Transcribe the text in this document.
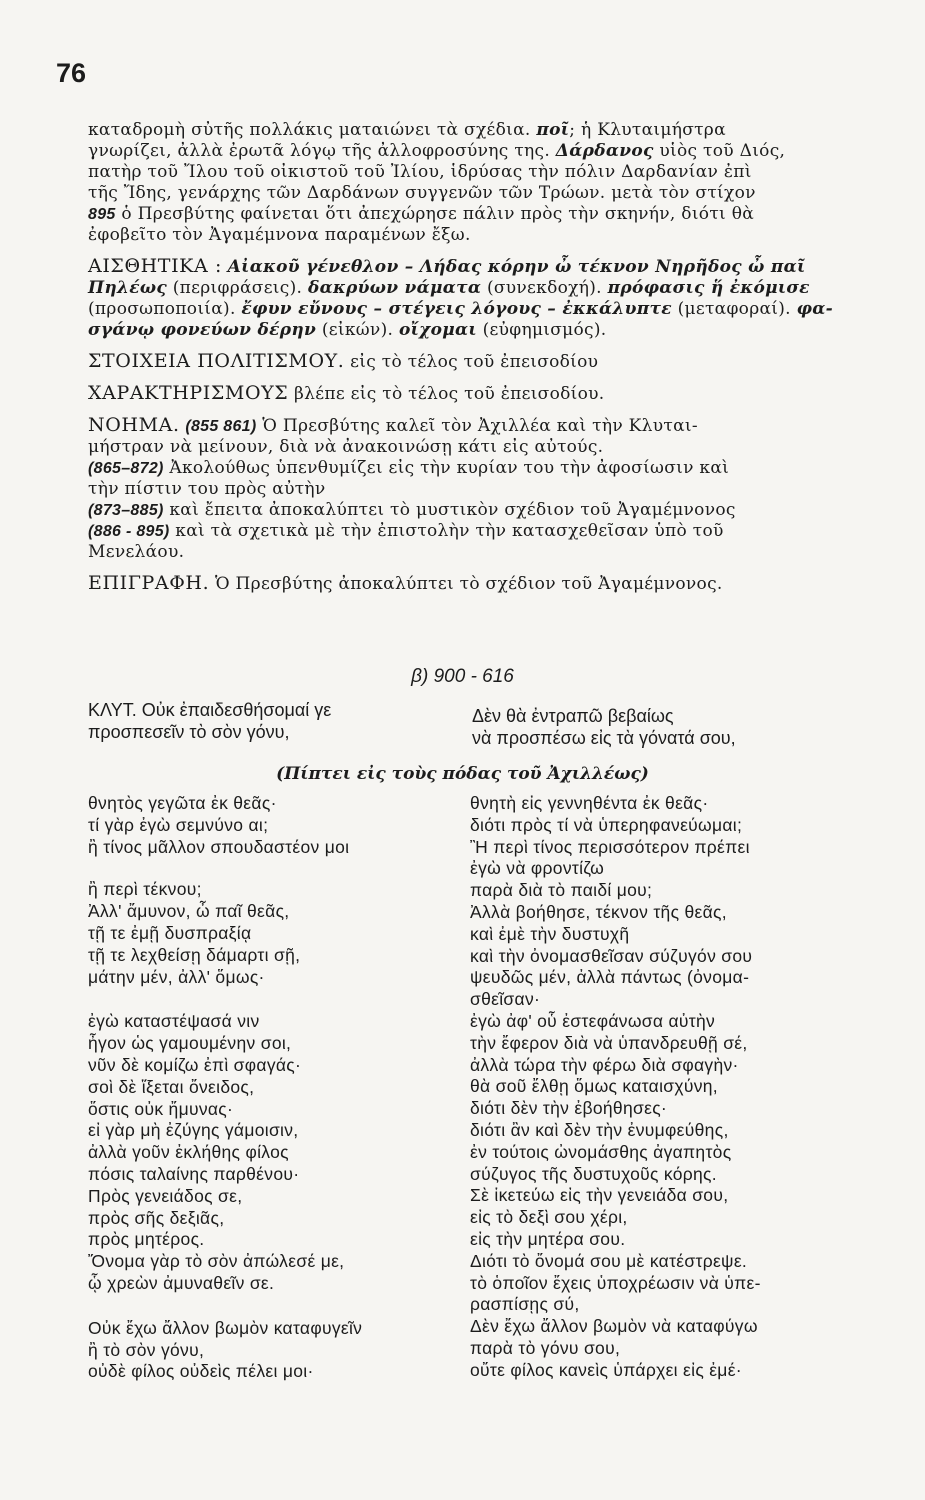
76
καταδρομὴ σὐτῆς πολλάκις ματαιώνει τὰ σχέδια. ποῖ; ἡ Κλυταιμήστρα
γνωρίζει, ἀλλὰ ἐρωτᾶ λόγῳ τῆς ἀλλοφροσύνης της. Δάρδανος υἱὸς τοῦ Διός,
πατὴρ τοῦ Ἴλου τοῦ οἰκιστοῦ τοῦ Ἰλίου, ἱδρύσας τὴν πόλιν Δαρδανίαν ἐπὶ
τῆς Ἴδης, γενάρχης τῶν Δαρδάνων συγγενῶν τῶν Τρώων. μετὰ τὸν στίχον
895 ὁ Πρεσβύτης φαίνεται ὅτι ἀπεχώρησε πάλιν πρὸς τὴν σκηνήν, διότι θὰ
ἐφοβεῖτο τὸν Ἀγαμέμνονα παραμένων ἔξω.
ΑΙΣΘΗΤΙΚΑ : Αἰακοῦ γένεθλον – Λήδας κόρην ὦ τέκνον Νηρῆδος ὦ παῖ
Πηλέως (περιφράσεις). δακρύων νάματα (συνεκδοχή). πρόφασις ἥ ἐκόμισε
(προσωποποιία). ἔφυν εὔνους – στέγεις λόγους – ἐκκάλυπτε (μεταφοραί). φα-
σγάνῳ φονεύων δέρην (εἰκών). οἴχομαι (εὐφημισμός).
ΣΤΟΙΧΕΙΑ ΠΟΛΙΤΙΣΜΟΥ. εἰς τὸ τέλος τοῦ ἐπεισοδίου
ΧΑΡΑΚΤΗΡΙΣΜΟΥΣ βλέπε εἰς τὸ τέλος τοῦ ἐπεισοδίου.
ΝΟΗΜΑ. (855 861) Ὁ Πρεσβύτης καλεῖ τὸν Ἀχιλλέα καὶ τὴν Κλυται-
μήστραν νὰ μείνουν, διὰ νὰ ἀνακοινώσῃ κάτι εἰς αὐτούς.
(865–872) Ἀκολούθως ὑπενθυμίζει εἰς τὴν κυρίαν του τὴν ἀφοσίωσιν καὶ
τὴν πίστιν του πρὸς αὐτὴν
(873–885) καὶ ἔπειτα ἀποκαλύπτει τὸ μυστικὸν σχέδιον τοῦ Ἀγαμέμνονος
(886 - 895) καὶ τὰ σχετικὰ μὲ τὴν ἐπιστολὴν τὴν κατασχεθεῖσαν ὑπὸ τοῦ
Μενελάου.
ΕΠΙΓΡΑΦΗ. Ὁ Πρεσβύτης ἀποκαλύπτει τὸ σχέδιον τοῦ Ἀγαμέμνονος.
β) 900 - 616
ΚΛΥΤ. Οὐκ ἐπαιδεσθήσομαί γε
προσπεσεῖν τὸ σὸν γόνυ,
Δὲν θὰ ἐντραπῶ βεβαίως
νὰ προσπέσω εἰς τὰ γόνατά σου,
(Πίπτει εἰς τοὺς πόδας τοῦ Ἀχιλλέως)
θνητὸς γεγῶτα ἐκ θεᾶς·
τί γὰρ ἐγὼ σεμνύνο αι;
ἢ τίνος μᾶλλον σπουδαστέον μοι
ἢ περὶ τέκνου;
Ἀλλ' ἄμυνον, ὦ παῖ θεᾶς,
τῇ τε ἐμῇ δυσπραξίᾳ
τῇ τε λεχθείσῃ δάμαρτι σῇ,
μάτην μέν, ἀλλ' ὅμως·
ἐγὼ καταστέψασά νιν
ἦγον ὡς γαμουμένην σοι,
νῦν δὲ κομίζω ἐπὶ σφαγάς·
σοὶ δὲ ἵξεται ὄνειδος,
ὅστις οὐκ ἤμυνας·
εἰ γὰρ μὴ ἐζύγης γάμοισιν,
ἀλλὰ γοῦν ἐκλήθης φίλος
πόσις ταλαίνης παρθένου·
Πρὸς γενειάδος σε,
πρὸς σῆς δεξιᾶς,
πρὸς μητέρος.
Ὄνομα γὰρ τὸ σὸν ἀπώλεσέ με,
ᾧ χρεὼν ἀμυναθεῖν σε.
Οὐκ ἔχω ἄλλον βωμὸν καταφυγεῖν
ἢ τὸ σὸν γόνυ,
οὐδὲ φίλος οὐδεὶς πέλει μοι·
θνητὴ εἰς γεννηθέντα ἐκ θεᾶς·
διότι πρὸς τί νὰ ὑπερηφανεύωμαι;
Ἢ περὶ τίνος περισσότερον πρέπει
ἐγὼ νὰ φροντίζω
παρὰ διὰ τὸ παιδί μου;
Ἀλλὰ βοήθησε, τέκνον τῆς θεᾶς,
καὶ ἐμὲ τὴν δυστυχῆ
καὶ τὴν ὀνομασθεῖσαν σύζυγόν σου
ψευδῶς μέν, ἀλλὰ πάντως (ὀνομα-
σθεῖσαν·
ἐγὼ ἀφ' οὗ ἐστεφάνωσα αὐτὴν
τὴν ἔφερον διὰ νὰ ὑπανδρευθῇ σέ,
ἀλλὰ τώρα τὴν φέρω διὰ σφαγὴν·
θὰ σοῦ ἔλθῃ ὅμως καταισχύνη,
διότι δὲν τὴν ἐβοήθησες·
διότι ἂν καὶ δὲν τὴν ἐνυμφεύθης,
ἐν τούτοις ὠνομάσθης ἀγαπητὸς
σύζυγος τῆς δυστυχοῦς κόρης.
Σὲ ἱκετεύω εἰς τὴν γενειάδα σου,
εἰς τὸ δεξὶ σου χέρι,
εἰς τὴν μητέρα σου.
Διότι τὸ ὄνομά σου μὲ κατέστρεψε.
τὸ ὁποῖον ἔχεις ὑποχρέωσιν νὰ ὑπε-
ρασπίσῃς σύ,
Δὲν ἔχω ἄλλον βωμὸν νὰ καταφύγω
παρὰ τὸ γόνυ σου,
οὔτε φίλος κανεὶς ὑπάρχει εἰς ἐμέ·
